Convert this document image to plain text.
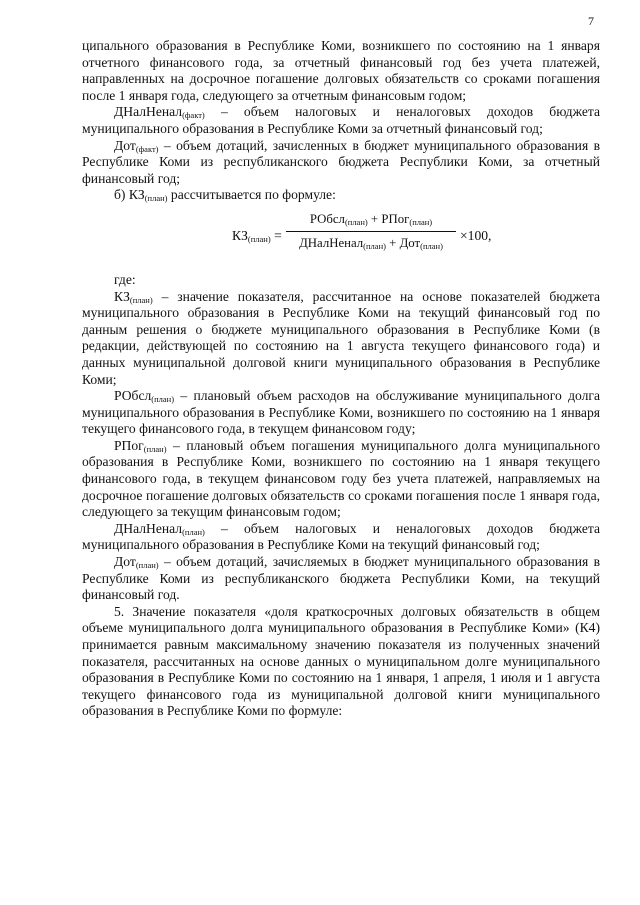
7

ципального образования в Республике Коми, возникшего по состоянию на 1 января отчетного финансового года, за отчетный финансовый год без учета платежей, направленных на досрочное погашение долговых обязательств со сроками погашения после 1 января года, следующего за отчетным финансовым годом;

ДНалНенал$_{(факт)}$ – объем налоговых и неналоговых доходов бюджета муниципального образования в Республике Коми за отчетный финансовый год;

Дот$_{(факт)}$ – объем дотаций, зачисленных в бюджет муниципального образования в Республике Коми из республиканского бюджета Республики Коми, за отчетный финансовый год;

б) $КЗ_{(план)}$ рассчитывается по формуле:

$КЗ_{(план)}$ =
РОбсл$_{(план)}$ + РПог$_{(план)}$
ДНалНенал$_{(план)}$ + Дот$_{(план)}$
×100,

где:

$КЗ_{(план)}$ – значение показателя, рассчитанное на основе показателей бюджета муниципального образования в Республике Коми на текущий финансовый год по данным решения о бюджете муниципального образования в Республике Коми (в редакции, действующей по состоянию на 1 августа текущего финансового года) и данных муниципальной долговой книги муниципального образования в Республике Коми;

РОбсл$_{(план)}$ – плановый объем расходов на обслуживание муниципального долга муниципального образования в Республике Коми, возникшего по состоянию на 1 января текущего финансового года, в текущем финансовом году;

РПог$_{(план)}$ – плановый объем погашения муниципального долга муниципального образования в Республике Коми, возникшего по состоянию на 1 января текущего финансового года, в текущем финансовом году без учета платежей, направляемых на досрочное погашение долговых обязательств со сроками погашения после 1 января года, следующего за текущим финансовым годом;

ДНалНенал$_{(план)}$ – объем налоговых и неналоговых доходов бюджета муниципального образования в Республике Коми на текущий финансовый год;

Дот$_{(план)}$ – объем дотаций, зачисляемых в бюджет муниципального образования в Республике Коми из республиканского бюджета Республики Коми, на текущий финансовый год.

5. Значение показателя «доля краткосрочных долговых обязательств в общем объеме муниципального долга муниципального образования в Республике Коми» (К4) принимается равным максимальному значению показателя из полученных значений показателя, рассчитанных на основе данных о муниципальном долге муниципального образования в Республике Коми по состоянию на 1 января, 1 апреля, 1 июля и 1 августа текущего финансового года из муниципальной долговой книги муниципального образования в Республике Коми по формуле:
